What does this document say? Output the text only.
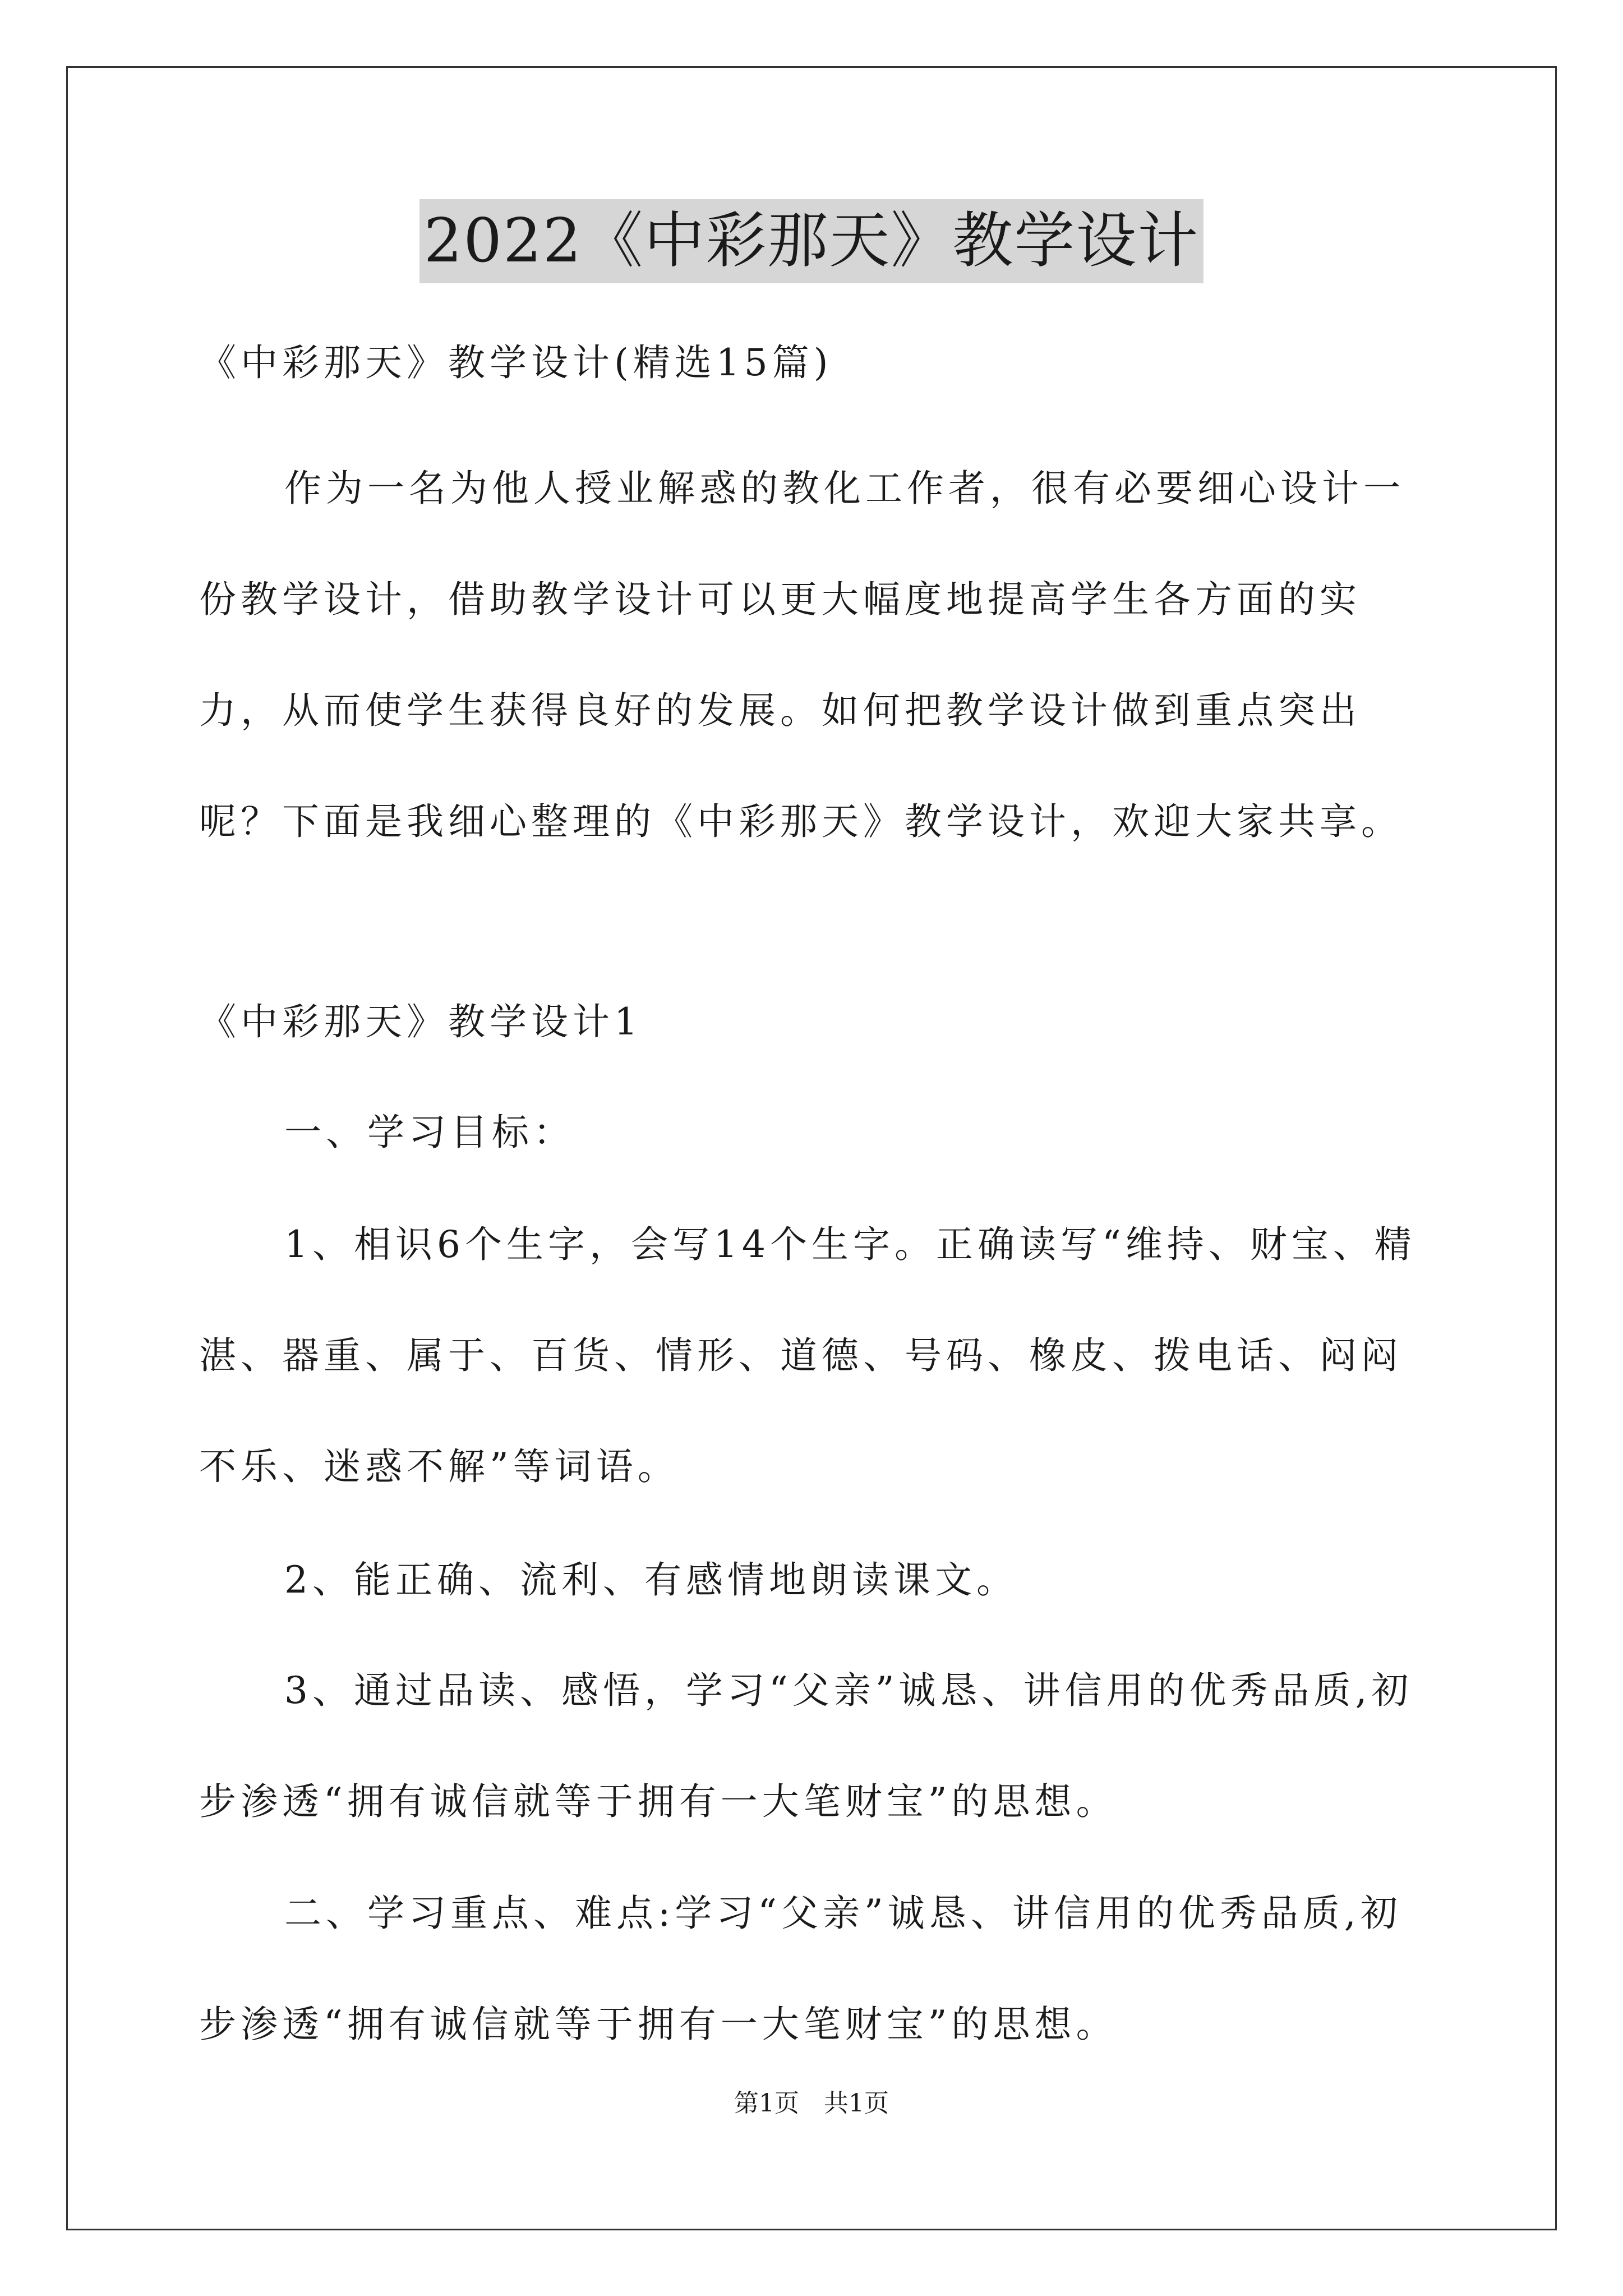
2022《中彩那天》教学设计

《中彩那天》教学设计(精选15篇)

作为一名为他人授业解惑的教化工作者，很有必要细心设计一份教学设计，借助教学设计可以更大幅度地提高学生各方面的实力，从而使学生获得良好的发展。如何把教学设计做到重点突出呢？下面是我细心整理的《中彩那天》教学设计，欢迎大家共享。

《中彩那天》教学设计1

一、学习目标：

1、相识6个生字，会写14个生字。正确读写“维持、财宝、精湛、器重、属于、百货、情形、道德、号码、橡皮、拨电话、闷闷不乐、迷惑不解”等词语。

2、能正确、流利、有感情地朗读课文。

3、通过品读、感悟，学习“父亲”诚恳、讲信用的优秀品质,初步渗透“拥有诚信就等于拥有一大笔财宝”的思想。

二、学习重点、难点:学习“父亲”诚恳、讲信用的优秀品质,初步渗透“拥有诚信就等于拥有一大笔财宝”的思想。

第1页 共1页
